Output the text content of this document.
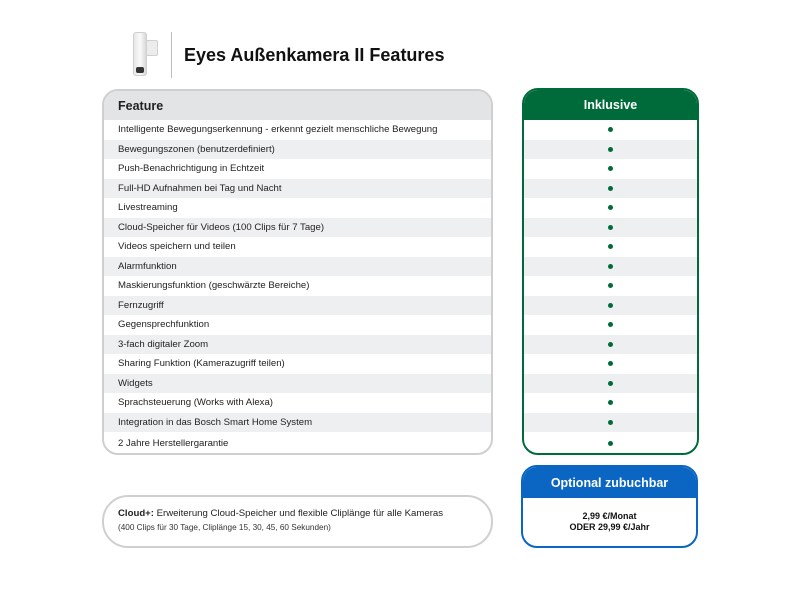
Eyes Außenkamera II Features
Feature
Intelligente Bewegungserkennung - erkennt gezielt menschliche Bewegung
Bewegungszonen (benutzerdefiniert)
Push-Benachrichtigung in Echtzeit
Full-HD Aufnahmen bei Tag und Nacht
Livestreaming
Cloud-Speicher für Videos (100 Clips für 7 Tage)
Videos speichern und teilen
Alarmfunktion
Maskierungsfunktion (geschwärzte Bereiche)
Fernzugriff
Gegensprechfunktion
3-fach digitaler Zoom
Sharing Funktion (Kamerazugriff teilen)
Widgets
Sprachsteuerung (Works with Alexa)
Integration in das Bosch Smart Home System
2 Jahre Herstellergarantie
Inklusive
Cloud+: Erweiterung Cloud-Speicher und flexible Cliplänge für alle Kameras
(400 Clips für 30 Tage, Cliplänge 15, 30, 45, 60 Sekunden)
Optional zubuchbar
2,99 €/Monat
ODER 29,99 €/Jahr
